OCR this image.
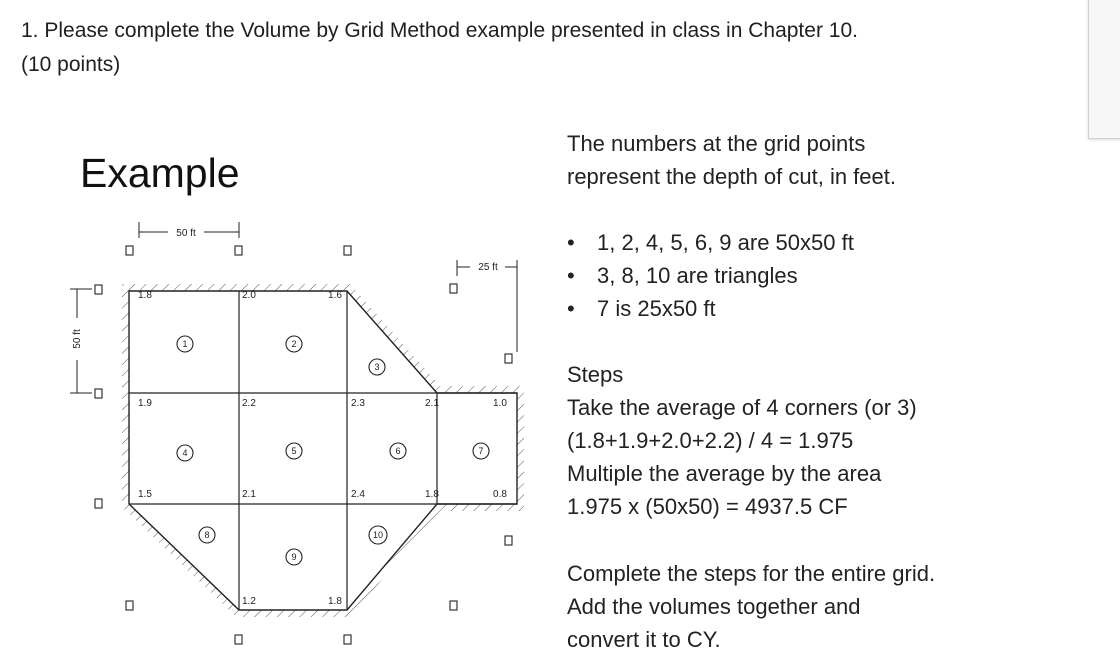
1. Please complete the Volume by Grid Method example presented in class in Chapter 10.
(10 points)
Example
50 ft
25 ft
50 ft
1.8	2.0	1.6
1.9	2.2	2.3	2.1	1.0
1.5	2.1	2.4	1.8	0.8
1.2	1.8
1	2
3
4	5	6	7
8
9
10
The numbers at the grid points
represent the depth of cut, in feet.
• 1, 2, 4, 5, 6, 9 are 50x50 ft
• 3, 8, 10 are triangles
• 7 is 25x50 ft
Steps
Take the average of 4 corners (or 3)
(1.8+1.9+2.0+2.2) / 4 = 1.975
Multiple the average by the area
1.975 x (50x50) = 4937.5 CF
Complete the steps for the entire grid.
Add the volumes together and
convert it to CY.
